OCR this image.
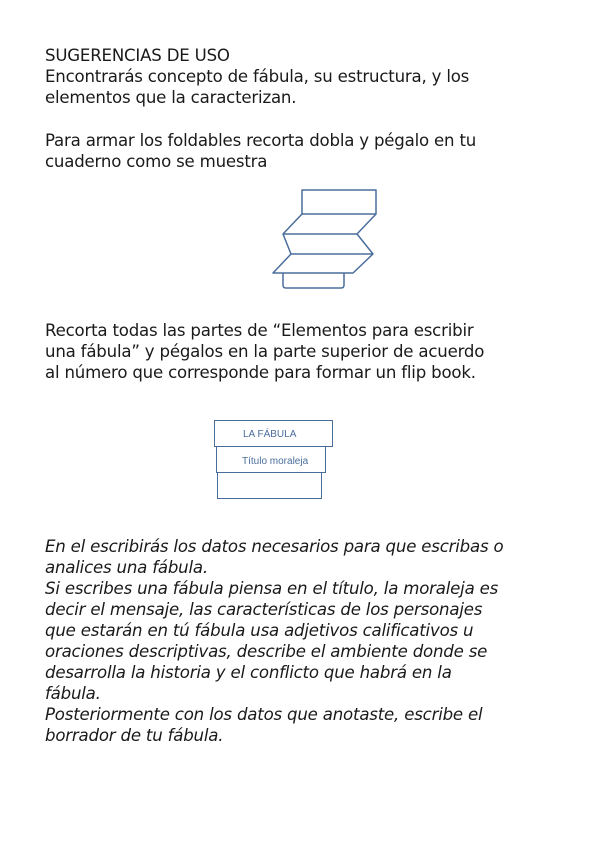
SUGERENCIAS DE USO
Encontrarás concepto de fábula, su estructura, y los
elementos que la caracterizan.
Para armar los foldables recorta dobla y pégalo en tu
cuaderno como se muestra
Recorta todas las partes de “Elementos para escribir
una fábula” y pégalos en la parte superior de acuerdo
al número que corresponde para formar un flip book.
LA FÁBULA
Título moraleja
En el escribirás los datos necesarios para que escribas o
analices una fábula.
Si escribes una fábula piensa en el título, la moraleja es
decir el mensaje, las características de los personajes
que estarán en tú fábula usa adjetivos calificativos u
oraciones descriptivas, describe el ambiente donde se
desarrolla la historia y el conflicto que habrá en la
fábula.
Posteriormente con los datos que anotaste, escribe el
borrador de tu fábula.
